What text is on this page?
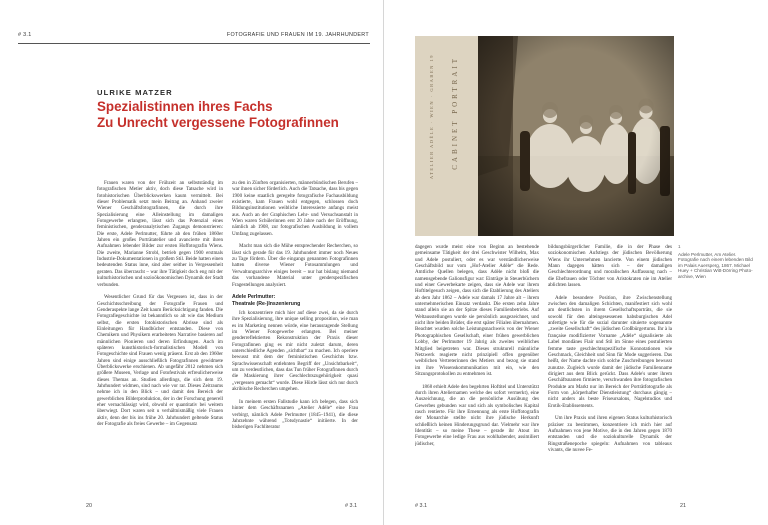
# 3.1	FOTOGRAFIE UND FRAUEN IM 19. JAHRHUNDERT
ULRIKE MATZER
Spezialistinnen ihres Fachs
Zu Unrecht vergessene Fotografinnen

Frauen waren von der Frühzeit an selbstständig im fotografischen Metier aktiv, doch diese Tatsache wird in fotohistorischen Überblickswerken kaum vermittelt. Bei dieser Problematik setzt mein Beitrag an. Anhand zweier Wiener Geschäftsfotografinnen, die durch ihre Spezialisierung eine Alleinstellung im damaligen Fotogewerbe erlangten, lässt sich das Potenzial eines feministischen, genderanalytischen Zugangs demonstrieren: Die erste, Adele Perlmutter, führte ab den frühen 1860er Jahren ein großes Porträtatelier und avancierte mit ihren Aufnahmen lebender Bilder zur ersten Hoffotografin Wiens. Die zweite, Marianne Strobl, betrieb gegen 1900 erstmals Industrie-Dokumentationen in großem Stil. Beide hatten einen bedeutenden Status inne, sind aber seither in Vergessenheit geraten. Das überrascht – war ihre Tätigkeit doch eng mit der kulturhistorischen und sozioökonomischen Dynamik der Stadt verbunden.

Wesentlicher Grund für das Vergessen ist, dass in der Geschichtsschreibung der Fotografie Frauen und Genderaspekte lange Zeit kaum Berücksichtigung fanden. Die Fotografiegeschichte ist bekanntlich so alt wie das Medium selbst, die ersten fotohistorischen Abrisse sind als Einleitungen für Handbücher entstanden. Diese von Chemikern und Physikern erarbeiteten Narrative basieren auf männlichen Pionieren und deren Erfindungen. Auch im späteren kunsthistorisch-formalistischen Modell von Fotogeschichte sind Frauen wenig präsent. Erst ab den 1960er Jahren sind einige ausschließlich Fotografinnen gewidmete Überblickswerke erschienen. Ab ungefähr 2012 nehmen sich größere Museen, Verlage und Fotofestivals erfreulicherweise dieses Themas an. Studien allerdings, die sich dem 19. Jahrhundert widmen, sind nach wie vor rar. Dieses Zeitraums nehme ich in den Blick – und damit den Bereich der gewerblichen Bilderproduktion, der in der Forschung generell eher vernachlässigt wird, obwohl er quantitativ bei weitem überwiegt. Dort waren seit u verhältnismäßig viele Frauen aktiv, denn der bis ins frühe 20. Jahrhundert geltende Status der Fotografie als freies Gewerbe – im Gegensatz

zu den in Zünften organisierten, männerbündischen Berufen – war ihnen sicher förderlich. Auch die Tatsache, dass bis gegen 1900 keine staatlich geregelte fotografische Fachausbildung existierte, kam Frauen wohl entgegen, schlossen doch Bildungsinstitutionen weibliche Interessierte anfangs meist aus. Auch an der Graphischen Lehr- und Versuchsanstalt in Wien waren Schülerinnen erst 20 Jahre nach der Eröffnung, nämlich ab 1908, zur fotografischen Ausbildung in vollem Umfang zugelassen.

Macht man sich die Mühe entsprechender Recherchen, so lässt sich gerade für das 19. Jahrhundert immer noch Neues zu Tage fördern. Über die eingangs genannten Fotografinnen hatten diverse Wiener Fotosammlungen und Verwaltungsarchive einiges bereit – nur hat bislang niemand das vorhandene Material unter genderspezifischen Fragestellungen analysiert.

Adele Perlmutter:
Theatrale (Re-)Inszenierung

Ich konzentriere mich hier auf diese zwei, da sie durch ihre Spezialisierung, ihre unique selling proposition, wie man es im Marketing nennen würde, eine herausragende Stellung im Wiener Fotogewerbe erlangten. Bei meiner genderreflektierten Rekonstruktion der Praxis dieser Fotografinnen ging es mir nicht zuletzt darum, deren unterschiedliche Agenden „sichtbar“ zu machen. Ich operiere bewusst mit dem der feministischen Geschichts bzw. Sprachwissenschaft entlehnten Begriff der „Unsichtbarkeit“, um zu verdeutlichen, dass das Tun früher Fotografinnen durch die Maskierung ihrer Geschlechtszugehörigkeit quasi „vergessen gemacht“ wurde. Diese Hürde lässt sich nur durch akribische Recherchen umgehen.

In meinem ersten Fallstudie kann ich belegen, dass sich hinter dem Geschäftsnamen „Atelier Adèle“ eine Frau verbirgt, nämlich Adele Perlmutter (1845–1941), die diese Jahrzehnte während „Totsdynastie“ initiierte. In der bisherigen Fachliteratur

20	# 3.1
CABINET PORTRAIT
ATELIER ADÈLE · WIEN · GRABEN 19
1
Adele Perlmutter, Am Atelier. Fotografie nach einem lebenden Bild im Palais Auersperg, 1867. Michael Huey + Christian Witt-Dörring Photo-archive, Wien

dagegen wurde meist eine von Beginn an bestehende gemeinsame Tätigkeit der drei Geschwister Wilhelm, Max und Adele postuliert, oder es war verständlicherweise Geschäftsbild nur vom „Hof-Atelier Adèle“ die Rede. Amtliche Quellen belegen, dass Adèle nicht bloß die namensgebende Galionsfigur war: Einträge in Steuerbüchern und einer Gewerbekarte zeigen, dass sie Adele war ihrem Hoftitelgesuch zeigen, dass sich die Etablierung des Ateliers ab dem Jahr 1862 – Adele war damals 17 Jahre alt – ihrem unternehmerischen Einsatz verdankt. Die ersten zehn Jahre stand allein sie an der Spitze dieses Familienbetriebs. Auf Weltausstellungen wurde sie persönlich ausgezeichnet, und nicht ihre beiden Brüder, die erst später Filialen übernahmen. Beachtet wurden solche Leistungsnachweis von der Wiener Photographischen Gesellschaft, einer frühen gewerblichen Lobby, der Perlmutter 19 Jahrig als zweites weibliches Mitglied beigetreten war. Dieses strukturell männliche Netzwerk reagierte nicht prinzipiell offen gegenüber weiblichen Vertreterinnen des Metiers und bezog sie stand im ihre Wissenskommunikation mit ein, wie den Sitzungsprotokollen zu entnehmen ist.

1868 erhielt Adele den begehrten Hoftitel und Unterstützt durch ihren Ateliernamen welche des sofort vermerkt), eine Auszeichnung, die an die persönliche Ausübung des Gewerbes gebunden war und sich als symbolisches Kapital rasch rentierte. Für ihre Ernennung als erste Hoffotografin der Monarchie stellte nicht ihre jüdische Herkunft schließlich keinen Hinderungsgrund dar. Vielmehr war ihre Identität – so meine These – gerade ihr Atout im Fotogewerbe eine ledige Frau aus wohlhabender, assimiliert jüdischer,

bildungsbürgerlicher Familie, die in der Phase des soziokonomischen Aufstiegs der jüdischen Bevölkerung Wiens ihr Unternehmen lancierte. Von einem jüdischen Mann dagegen hätten sich – der damaligen Geschlechterordnung und moralischen Auffassung nach – die Ehefrauen oder Töchter von Aristokraten nie im Atelier ablichten lassen.

Adele besondere Position, ihre Zwischenstellung zwischen den damaligen Schichten, manifestiert sich wohl am deutlichsten in ihrem Gesellschaftsporträts, die sie sowohl für den alteingesessenen habsburgischen Adel anfertigte wie für die sozial darunter situierte sogenannte „zweite Gesellschaft“ des jüdischen Großbürgertums. Ihr à la française modifizierter Vorname „Adèle“ signalisierte als Label mondänes Flair und Stil im Sinne eines postulierten femme taste geschlechtsspezifische Konnotationen wie Geschmack, Gleichheit und Sinn für Mode suggerieren. Das heißt, der Name dachte sich solche Zuschreibungen bewusst zunutze. Zugleich wurde damit der jüdische Familienname dirigiert aus dem Blick gerückt. Dass Adele's unter ihrem Geschäftsnamen firmierte, verschwanden ihre fotografischen Produkte am Markt nur im Bereich der Porträtfotografie als Form von „körperhafter Dienstleistung“ durchaus gängig – nicht anders als beste Friseursalons, Nagelstudios und Erotik-Etablissements.

Um ihre Praxis und ihren eigenen Status kulturhistorisch präziser zu bestimmen, konzentriere ich mich hier auf Aufnahmen von jene Motive, die in den Jahren gegen 1870 entstanden und die soziokulturelle Dynamik der Ringstraßenepoche spiegeln: Aufnahmen von tableaux vivants, die nuvee Fe-

# 3.1	21
